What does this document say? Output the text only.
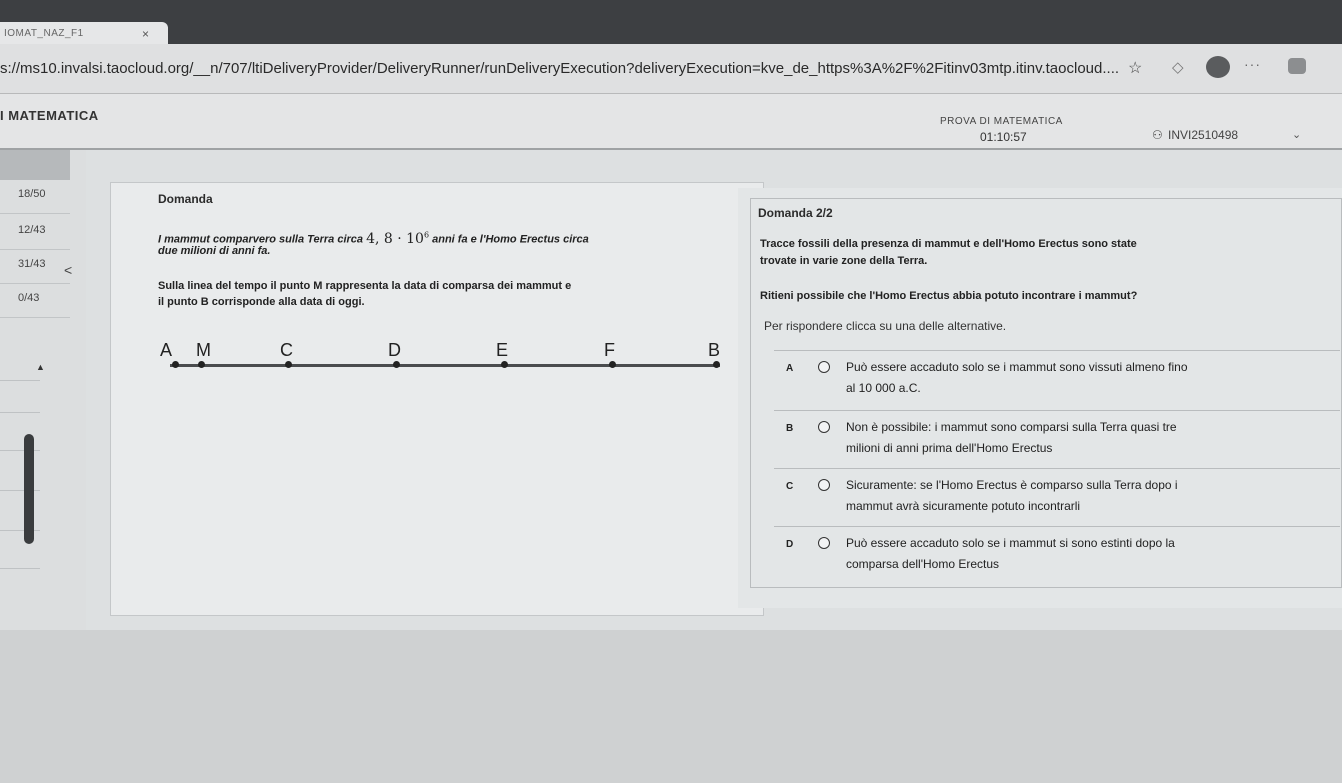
IOMAT_NAZ_F1	×
s://ms10.invalsi.taocloud.org/__n/707/ltiDeliveryProvider/DeliveryRunner/runDeliveryExecution?deliveryExecution=kve_de_https%3A%2F%2Fitinv03mtp.itinv.taocloud.... ☆ ◇	···
I MATEMATICA	PROVA DI MATEMATICA
01:10:57	⚇ INVI2510498	⌄
18/50
12/43
31/43
0/43
<
▲
Domanda
I mammut comparvero sulla Terra circa 4, $8 \cdot 10^6$ anni fa e l'Homo Erectus circa
due milioni di anni fa.
Sulla linea del tempo il punto M rappresenta la data di comparsa dei mammut e
il punto B corrisponde alla data di oggi.
A M	C	D	E	F	B
Domanda 2/2
Tracce fossili della presenza di mammut e dell'Homo Erectus sono state
trovate in varie zone della Terra.
Ritieni possibile che l'Homo Erectus abbia potuto incontrare i mammut?
Per rispondere clicca su una delle alternative.
A	Può essere accaduto solo se i mammut sono vissuti almeno fino
al 10 000 a.C.
B	Non è possibile: i mammut sono comparsi sulla Terra quasi tre
milioni di anni prima dell'Homo Erectus
C	Sicuramente: se l'Homo Erectus è comparso sulla Terra dopo i
mammut avrà sicuramente potuto incontrarli
D	Può essere accaduto solo se i mammut si sono estinti dopo la
comparsa dell'Homo Erectus
